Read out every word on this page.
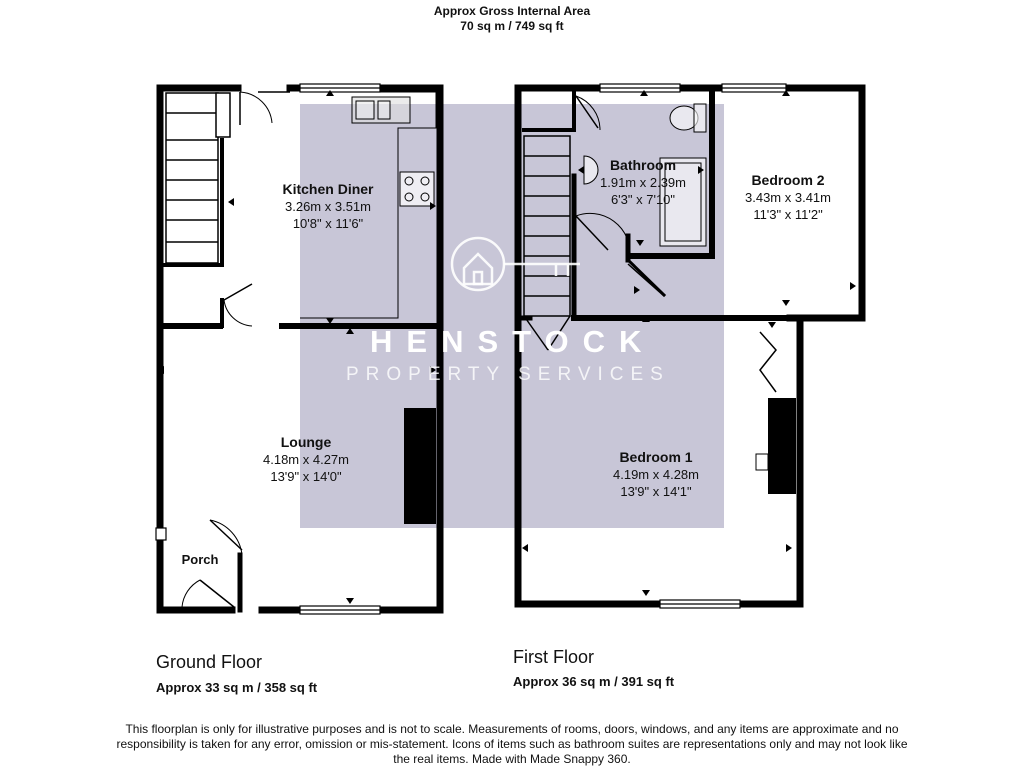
Approx Gross Internal Area
70 sq m / 749 sq ft
HENSTOCK
PROPERTY SERVICES
Kitchen Diner
3.26m x 3.51m
10'8" x 11'6"
Lounge
4.18m x 4.27m
13'9" x 14'0"
Porch
Bathroom
1.91m x 2.39m
6'3" x 7'10"
Bedroom 2
3.43m x 3.41m
11'3" x 11'2"
Bedroom 1
4.19m x 4.28m
13'9" x 14'1"
Ground Floor
Approx 33 sq m / 358 sq ft
First Floor
Approx 36 sq m / 391 sq ft
This floorplan is only for illustrative purposes and is not to scale. Measurements of rooms, doors, windows, and any items are approximate and no responsibility is taken for any error, omission or mis-statement. Icons of items such as bathroom suites are representations only and may not look like the real items. Made with Made Snappy 360.
